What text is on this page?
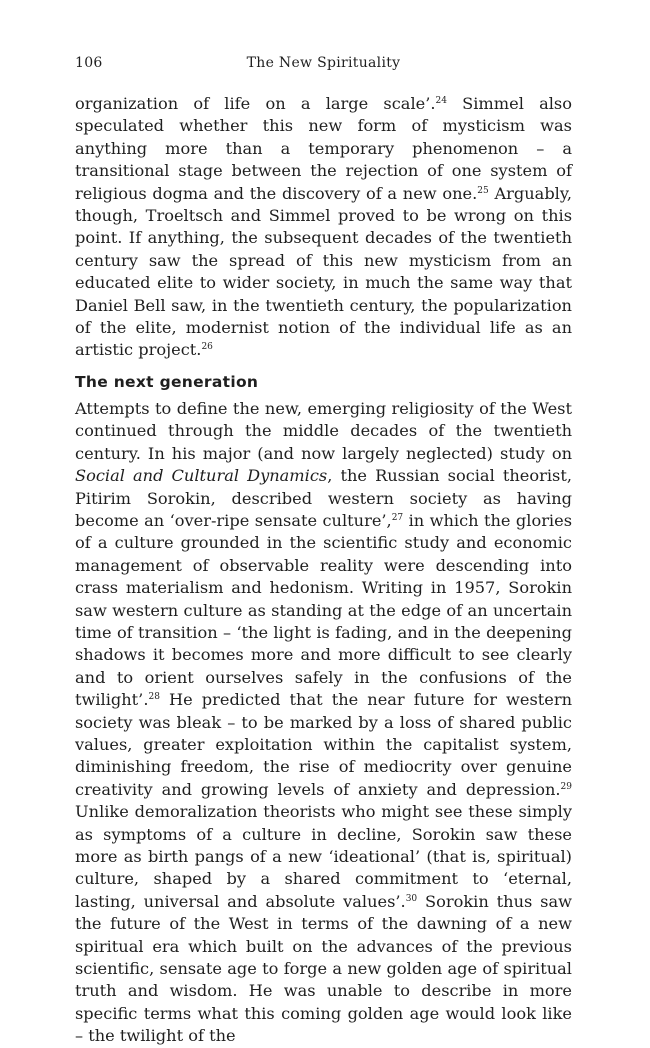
106	The New Spirituality

organization of life on a large scale’.$^{24}$ Simmel also speculated whether this new form of mysticism was anything more than a temporary phenomenon – a transitional stage between the rejection of one system of religious dogma and the discovery of a new one.$^{25}$ Arguably, though, Troeltsch and Simmel proved to be wrong on this point. If anything, the subsequent decades of the twentieth century saw the spread of this new mysticism from an educated elite to wider society, in much the same way that Daniel Bell saw, in the twentieth century, the popularization of the elite, modernist notion of the individual life as an artistic project.$^{26}$

The next generation

Attempts to define the new, emerging religiosity of the West continued through the middle decades of the twentieth century. In his major (and now largely neglected) study on Social and Cultural Dynamics, the Russian social theorist, Pitirim Sorokin, described western society as having become an ‘over-ripe sensate culture’,$^{27}$ in which the glories of a culture grounded in the scientific study and economic management of observable reality were descending into crass materialism and hedonism. Writing in 1957, Sorokin saw western culture as standing at the edge of an uncertain time of transition – ‘the light is fading, and in the deepening shadows it becomes more and more difficult to see clearly and to orient ourselves safely in the confusions of the twilight’.$^{28}$ He predicted that the near future for western society was bleak – to be marked by a loss of shared public values, greater exploitation within the capitalist system, diminishing freedom, the rise of mediocrity over genuine creativity and growing levels of anxiety and depression.$^{29}$ Unlike demoralization theorists who might see these simply as symptoms of a culture in decline, Sorokin saw these more as birth pangs of a new ‘ideational’ (that is, spiritual) culture, shaped by a shared commitment to ‘eternal, lasting, universal and absolute values’.$^{30}$ Sorokin thus saw the future of the West in terms of the dawning of a new spiritual era which built on the advances of the previous scientific, sensate age to forge a new golden age of spiritual truth and wisdom. He was unable to describe in more specific terms what this coming golden age would look like – the twilight of the
